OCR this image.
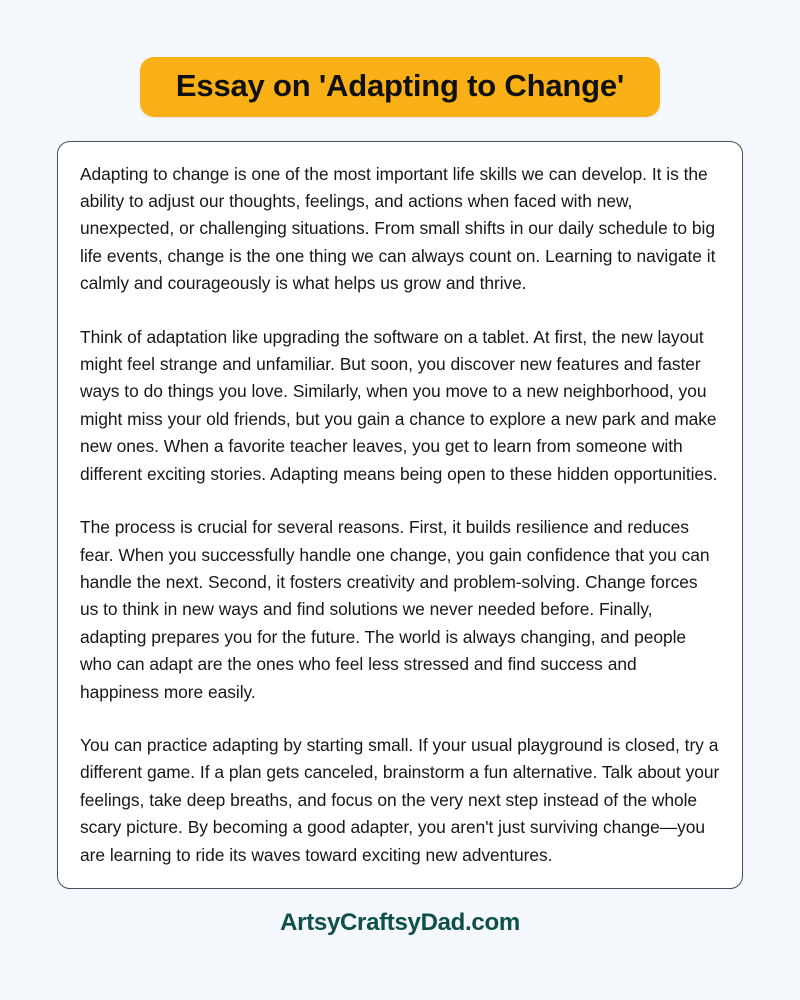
Essay on 'Adapting to Change'

Adapting to change is one of the most important life skills we can develop. It is the ability to adjust our thoughts, feelings, and actions when faced with new, unexpected, or challenging situations. From small shifts in our daily schedule to big life events, change is the one thing we can always count on. Learning to navigate it calmly and courageously is what helps us grow and thrive.

Think of adaptation like upgrading the software on a tablet. At first, the new layout might feel strange and unfamiliar. But soon, you discover new features and faster ways to do things you love. Similarly, when you move to a new neighborhood, you might miss your old friends, but you gain a chance to explore a new park and make new ones. When a favorite teacher leaves, you get to learn from someone with different exciting stories. Adapting means being open to these hidden opportunities.

The process is crucial for several reasons. First, it builds resilience and reduces fear. When you successfully handle one change, you gain confidence that you can handle the next. Second, it fosters creativity and problem-solving. Change forces us to think in new ways and find solutions we never needed before. Finally, adapting prepares you for the future. The world is always changing, and people who can adapt are the ones who feel less stressed and find success and happiness more easily.

You can practice adapting by starting small. If your usual playground is closed, try a different game. If a plan gets canceled, brainstorm a fun alternative. Talk about your feelings, take deep breaths, and focus on the very next step instead of the whole scary picture. By becoming a good adapter, you aren't just surviving change—you are learning to ride its waves toward exciting new adventures.

ArtsyCraftsyDad.com
